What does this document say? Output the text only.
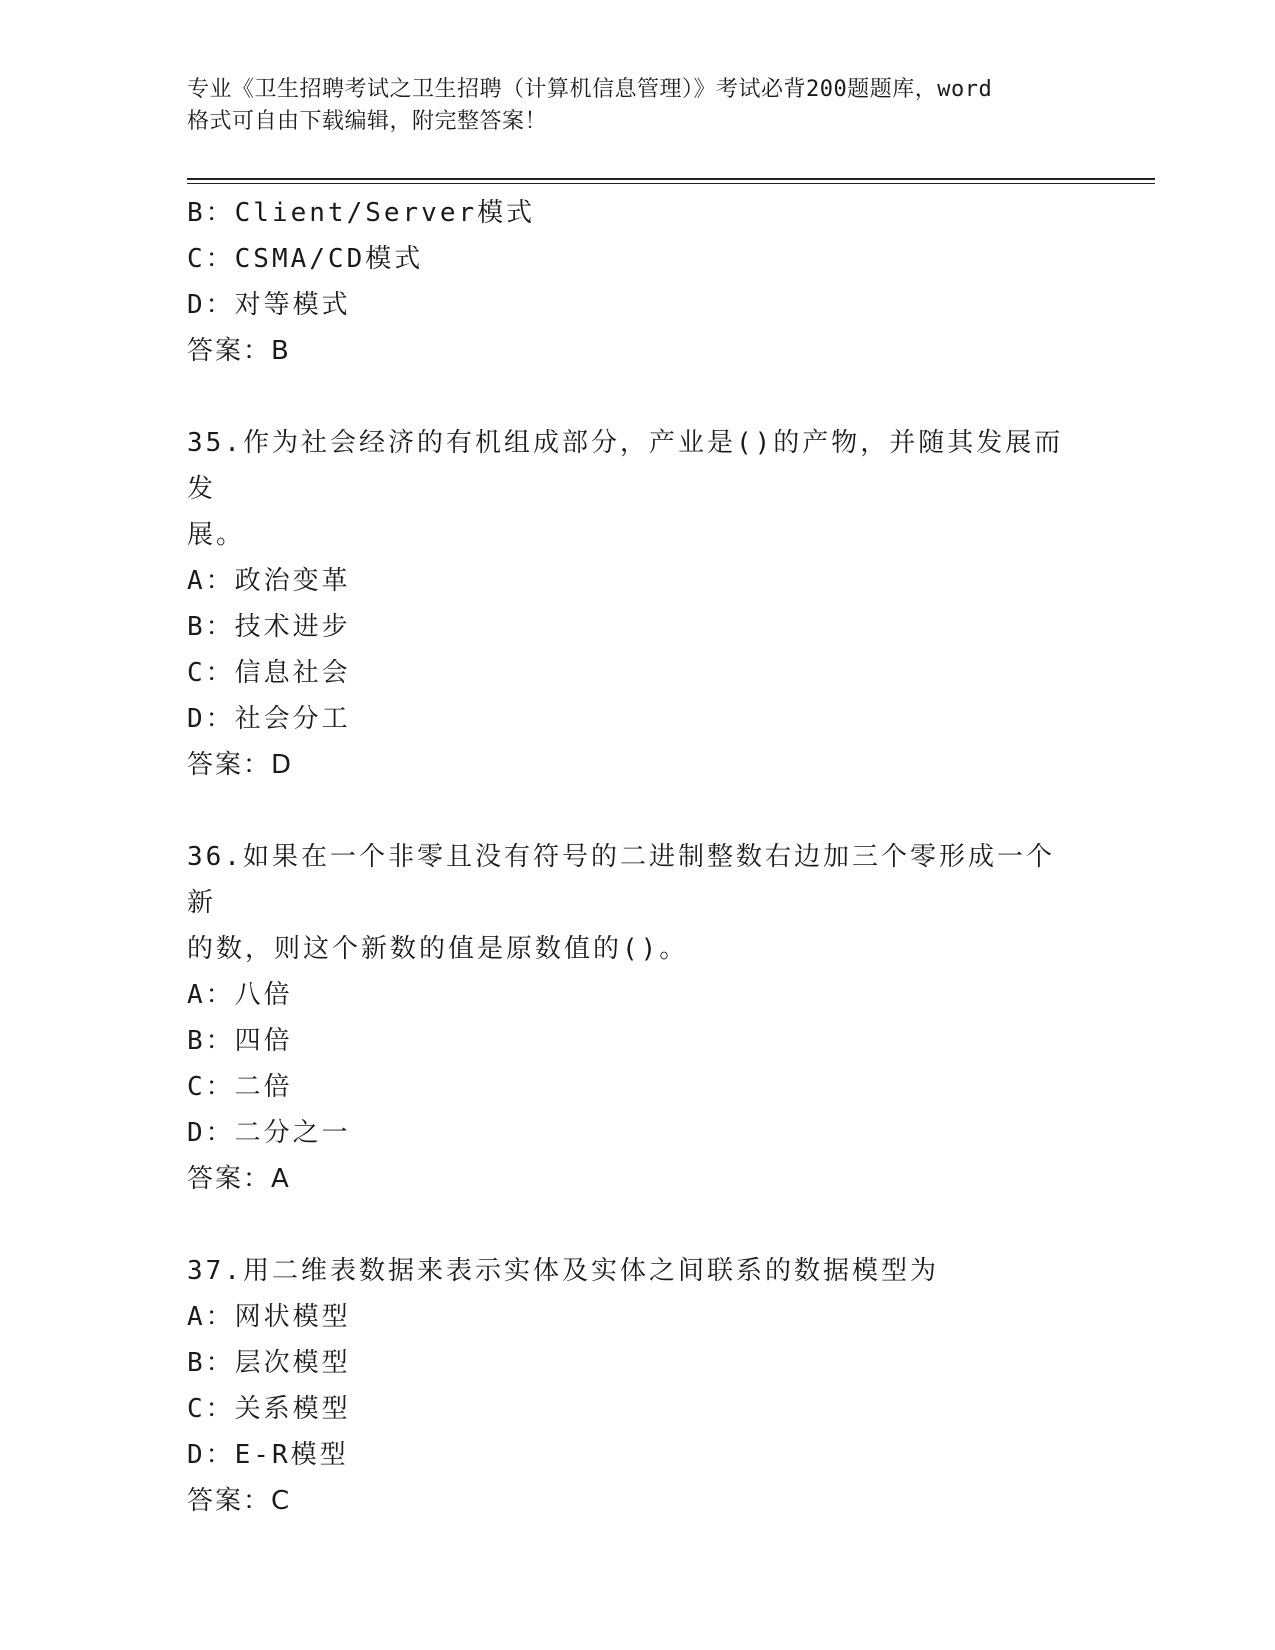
专业《卫生招聘考试之卫生招聘（计算机信息管理）》考试必背200题题库，word
格式可自由下载编辑，附完整答案！
B：Client/Server模式
C：CSMA/CD模式
D：对等模式
答案：B
35.作为社会经济的有机组成部分，产业是()的产物，并随其发展而发
展。
A：政治变革
B：技术进步
C：信息社会
D：社会分工
答案：D
36.如果在一个非零且没有符号的二进制整数右边加三个零形成一个新
的数，则这个新数的值是原数值的()。
A：八倍
B：四倍
C：二倍
D：二分之一
答案：A
37.用二维表数据来表示实体及实体之间联系的数据模型为
A：网状模型
B：层次模型
C：关系模型
D：E-R模型
答案：C
